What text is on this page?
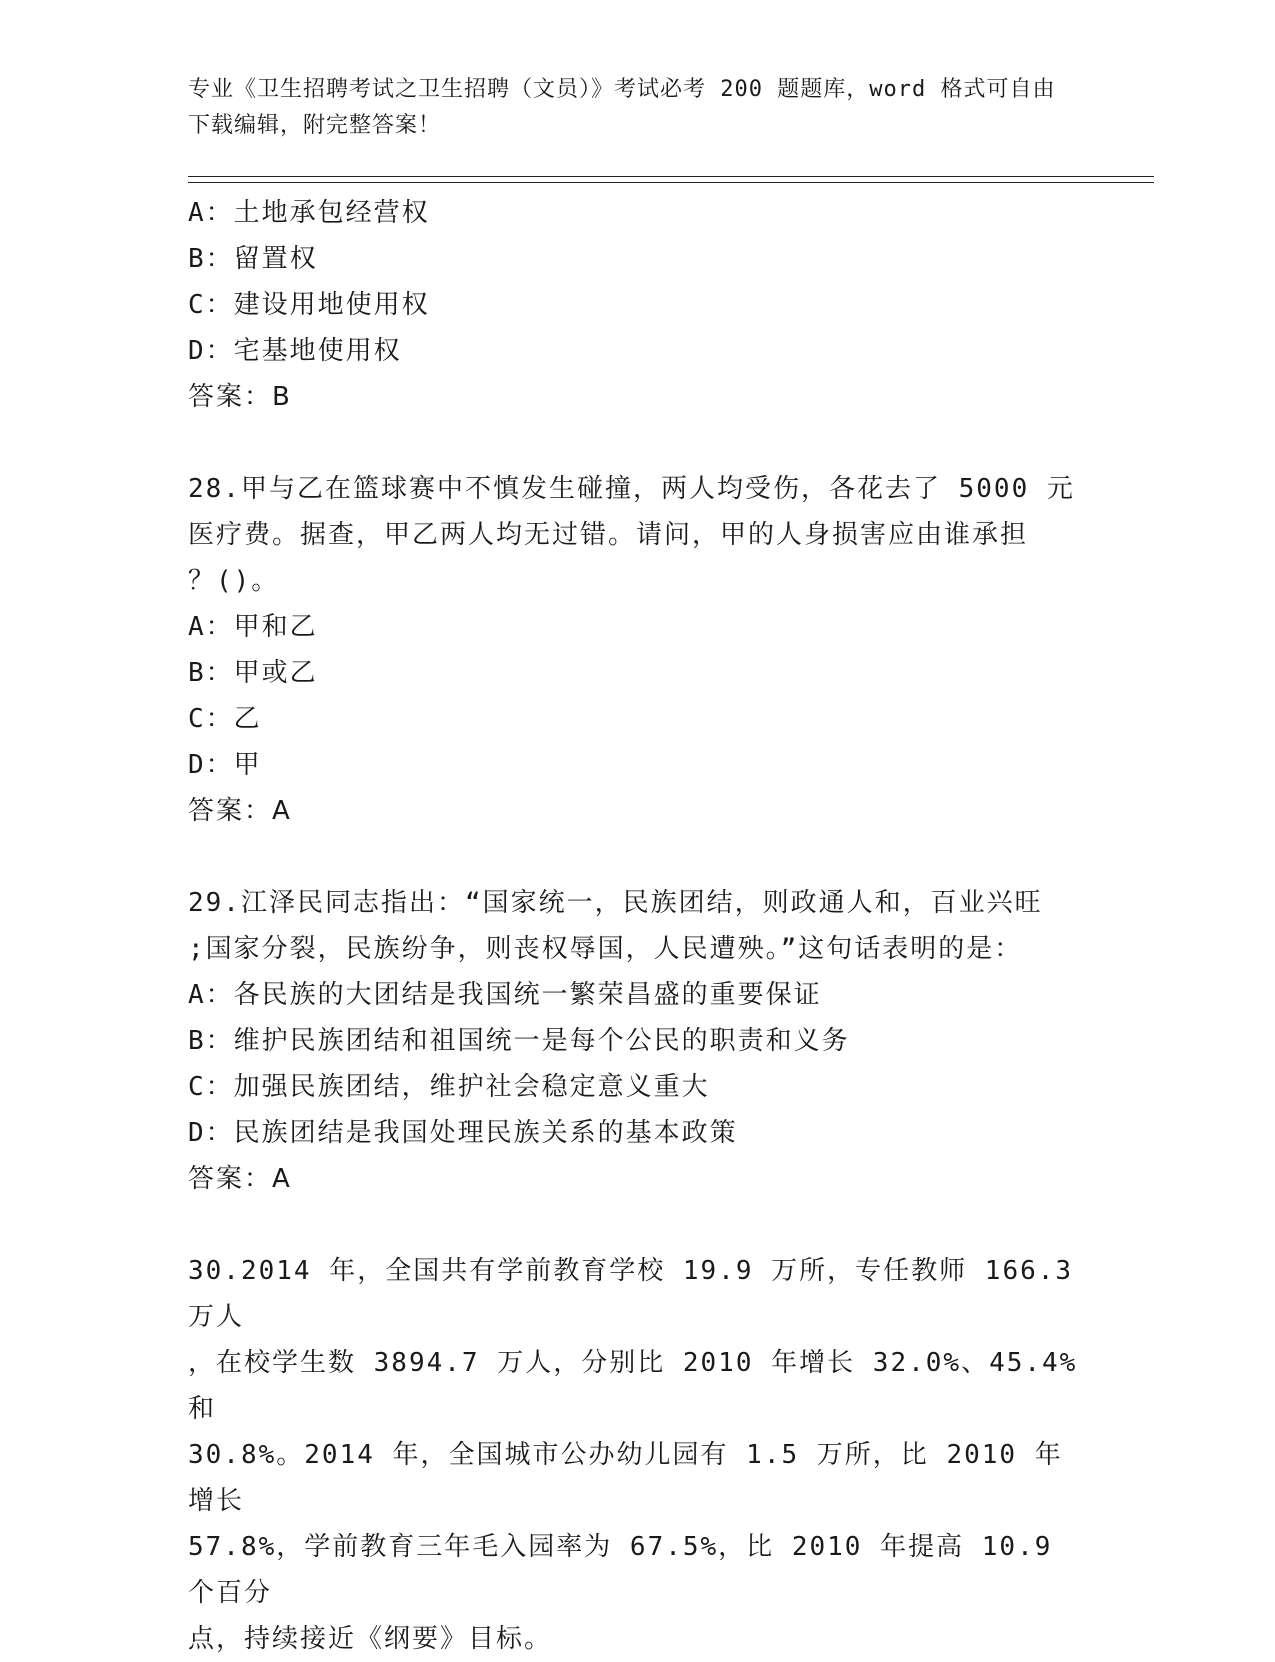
专业《卫生招聘考试之卫生招聘（文员）》考试必考 200 题题库，word 格式可自由下载编辑，附完整答案！
A：土地承包经营权
B：留置权
C：建设用地使用权
D：宅基地使用权
答案：B
28.甲与乙在篮球赛中不慎发生碰撞，两人均受伤，各花去了 5000 元
医疗费。据查，甲乙两人均无过错。请问，甲的人身损害应由谁承担
？()。
A：甲和乙
B：甲或乙
C：乙
D：甲
答案：A
29.江泽民同志指出：“国家统一，民族团结，则政通人和，百业兴旺
;国家分裂，民族纷争，则丧权辱国，人民遭殃。”这句话表明的是：
A：各民族的大团结是我国统一繁荣昌盛的重要保证
B：维护民族团结和祖国统一是每个公民的职责和义务
C：加强民族团结，维护社会稳定意义重大
D：民族团结是我国处理民族关系的基本政策
答案：A
30.2014 年，全国共有学前教育学校 19.9 万所，专任教师 166.3 万人
，在校学生数 3894.7 万人，分别比 2010 年增长 32.0%、45.4%和
30.8%。2014 年，全国城市公办幼儿园有 1.5 万所，比 2010 年增长
57.8%，学前教育三年毛入园率为 67.5%，比 2010 年提高 10.9 个百分
点，持续接近《纲要》目标。
